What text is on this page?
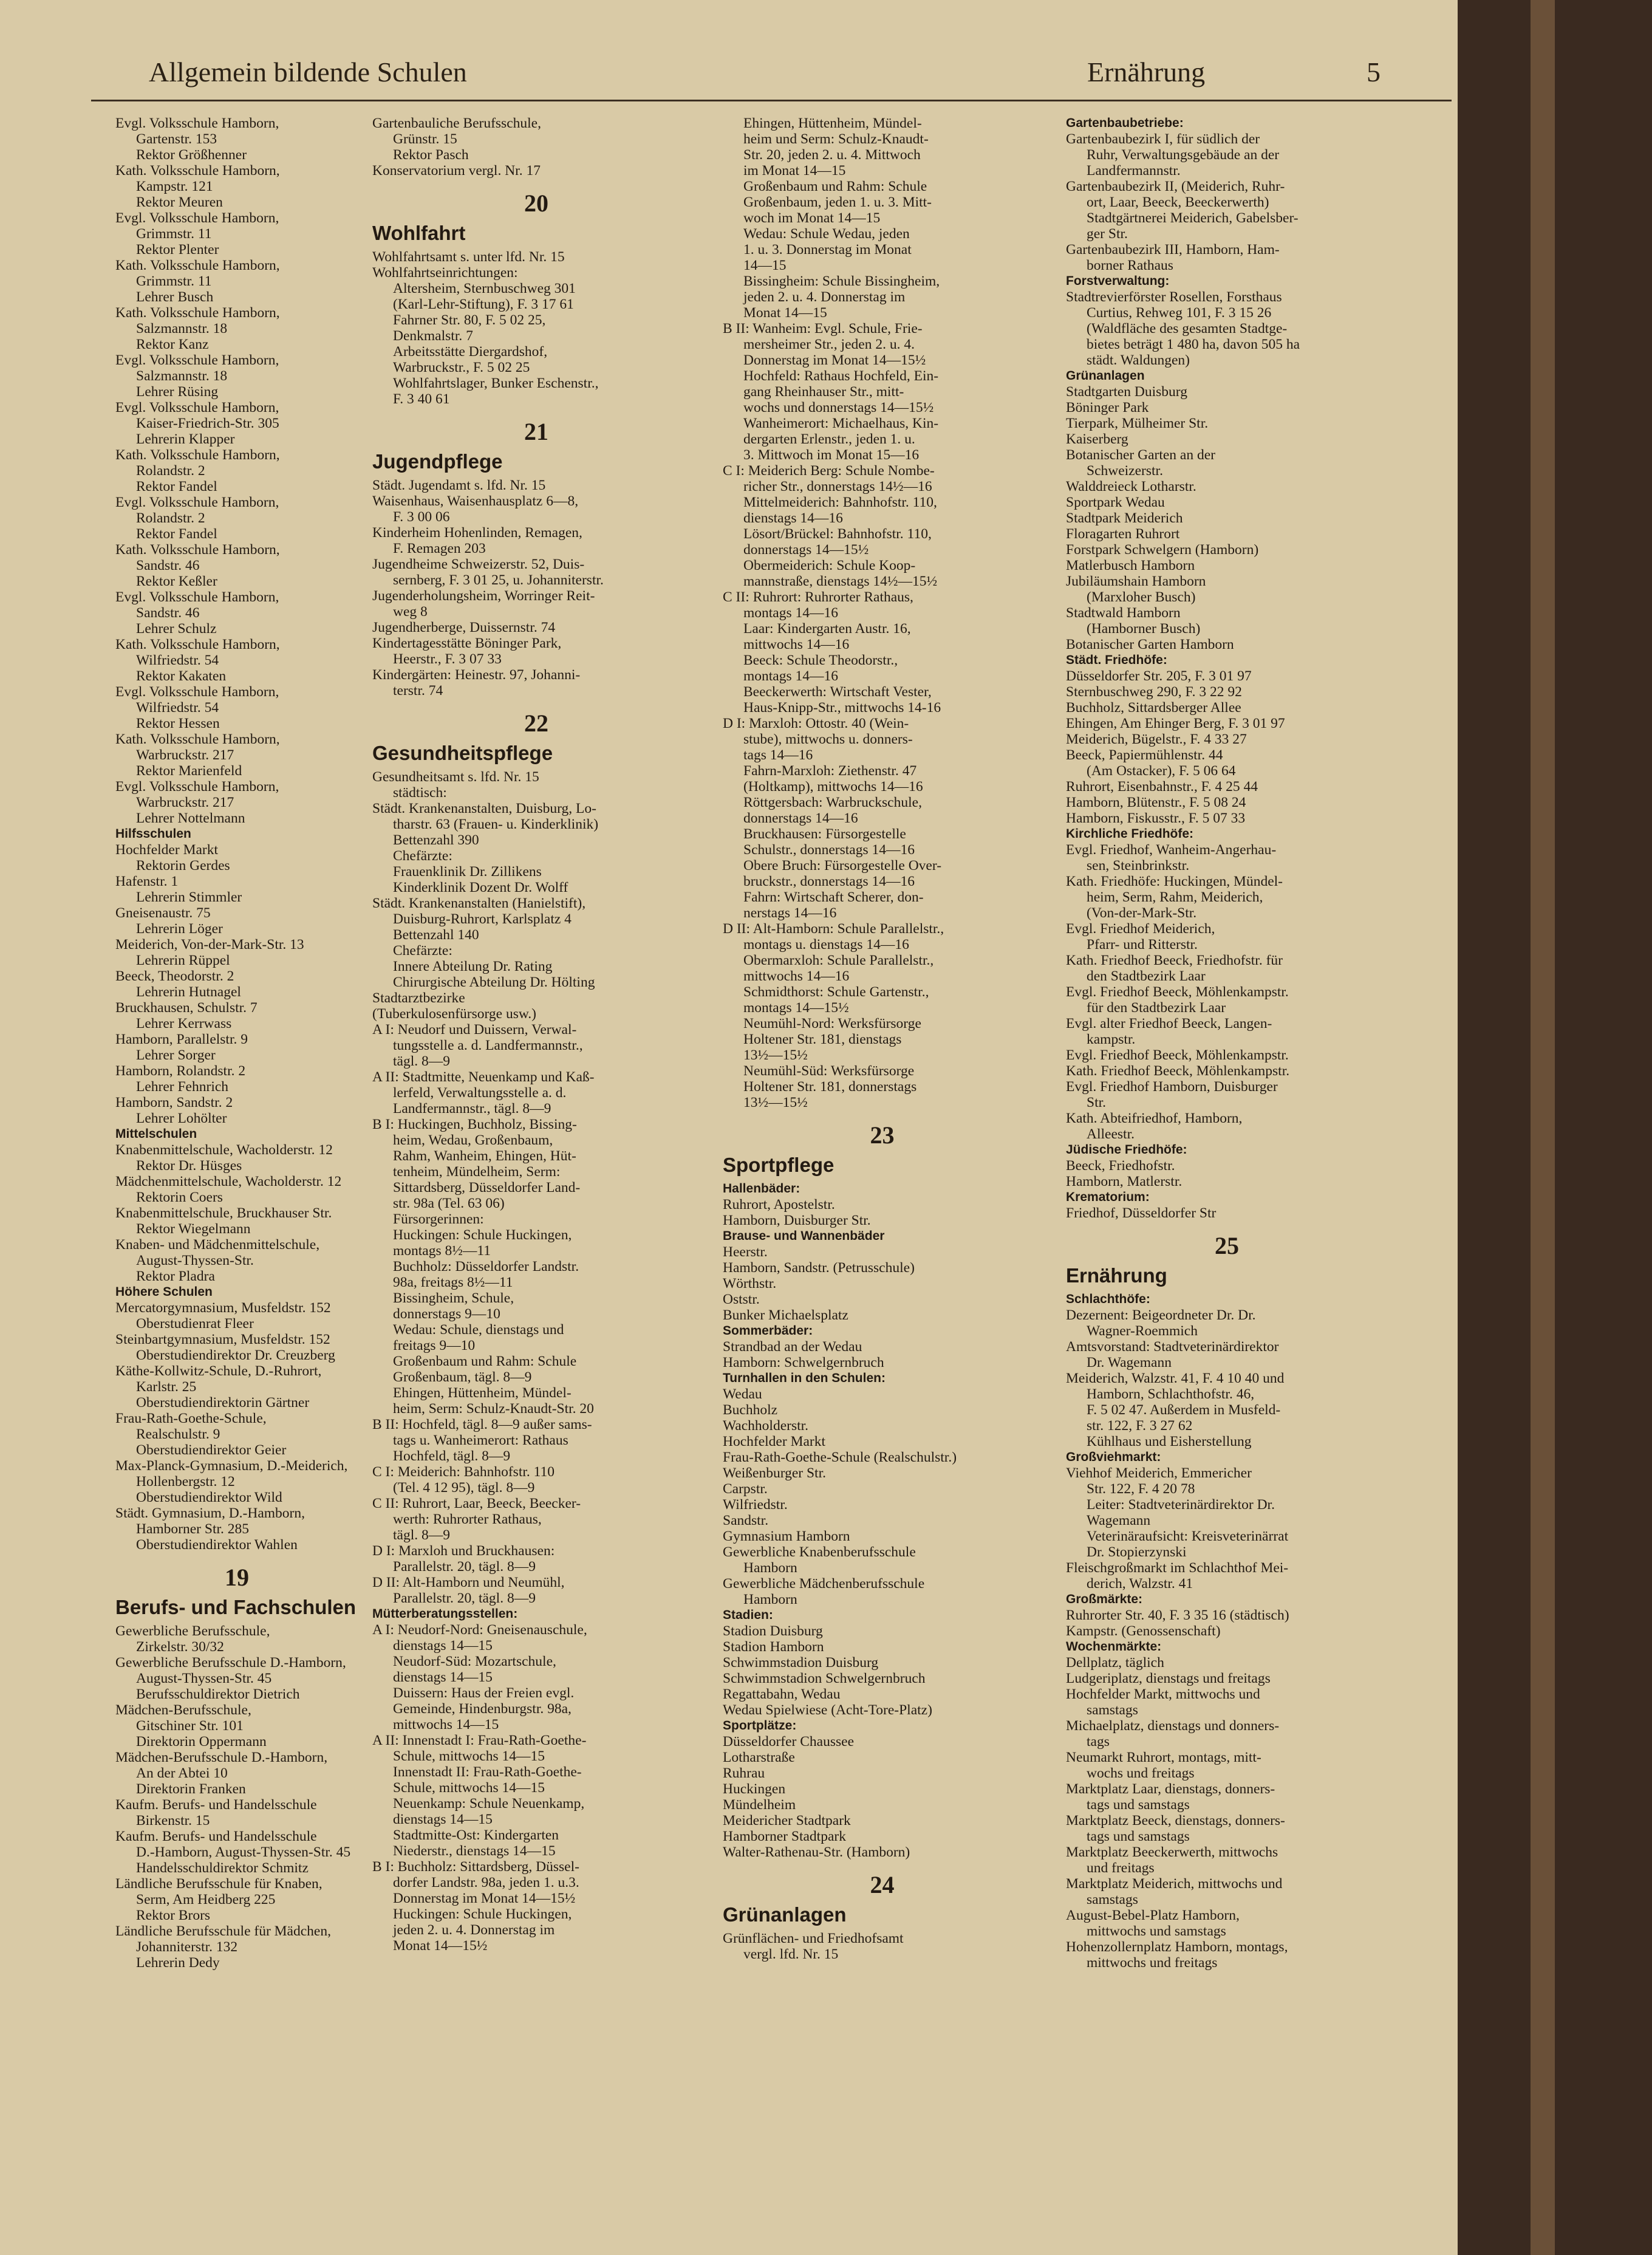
Allgemein bildende Schulen	Ernährung	5
Evgl. Volksschule Hamborn,
Gartenstr. 153
Rektor Größhenner
Kath. Volksschule Hamborn,
Kampstr. 121
Rektor Meuren
Evgl. Volksschule Hamborn,
Grimmstr. 11
Rektor Plenter
Kath. Volksschule Hamborn,
Grimmstr. 11
Lehrer Busch
Kath. Volksschule Hamborn,
Salzmannstr. 18
Rektor Kanz
Evgl. Volksschule Hamborn,
Salzmannstr. 18
Lehrer Rüsing
Evgl. Volksschule Hamborn,
Kaiser-Friedrich-Str. 305
Lehrerin Klapper
Kath. Volksschule Hamborn,
Rolandstr. 2
Rektor Fandel
Evgl. Volksschule Hamborn,
Rolandstr. 2
Rektor Fandel
Kath. Volksschule Hamborn,
Sandstr. 46
Rektor Keßler
Evgl. Volksschule Hamborn,
Sandstr. 46
Lehrer Schulz
Kath. Volksschule Hamborn,
Wilfriedstr. 54
Rektor Kakaten
Evgl. Volksschule Hamborn,
Wilfriedstr. 54
Rektor Hessen
Kath. Volksschule Hamborn,
Warbruckstr. 217
Rektor Marienfeld
Evgl. Volksschule Hamborn,
Warbruckstr. 217
Lehrer Nottelmann
Hilfsschulen
Hochfelder Markt
Rektorin Gerdes
Hafenstr. 1
Lehrerin Stimmler
Gneisenaustr. 75
Lehrerin Löger
Meiderich, Von-der-Mark-Str. 13
Lehrerin Rüppel
Beeck, Theodorstr. 2
Lehrerin Hutnagel
Bruckhausen, Schulstr. 7
Lehrer Kerrwass
Hamborn, Parallelstr. 9
Lehrer Sorger
Hamborn, Rolandstr. 2
Lehrer Fehnrich
Hamborn, Sandstr. 2
Lehrer Lohölter
Mittelschulen
Knabenmittelschule, Wacholderstr. 12
Rektor Dr. Hüsges
Mädchenmittelschule, Wacholderstr. 12
Rektorin Coers
Knabenmittelschule, Bruckhauser Str.
Rektor Wiegelmann
Knaben- und Mädchenmittelschule,
August-Thyssen-Str.
Rektor Pladra
Höhere Schulen
Mercatorgymnasium, Musfeldstr. 152
Oberstudienrat Fleer
Steinbartgymnasium, Musfeldstr. 152
Oberstudiendirektor Dr. Creuzberg
Käthe-Kollwitz-Schule, D.-Ruhrort,
Karlstr. 25
Oberstudiendirektorin Gärtner
Frau-Rath-Goethe-Schule,
Realschulstr. 9
Oberstudiendirektor Geier
Max-Planck-Gymnasium, D.-Meiderich,
Hollenbergstr. 12
Oberstudiendirektor Wild
Städt. Gymnasium, D.-Hamborn,
Hamborner Str. 285
Oberstudiendirektor Wahlen
19
Berufs- und Fachschulen
Gewerbliche Berufsschule,
Zirkelstr. 30/32
Gewerbliche Berufsschule D.-Hamborn,
August-Thyssen-Str. 45
Berufsschuldirektor Dietrich
Mädchen-Berufsschule,
Gitschiner Str. 101
Direktorin Oppermann
Mädchen-Berufsschule D.-Hamborn,
An der Abtei 10
Direktorin Franken
Kaufm. Berufs- und Handelsschule
Birkenstr. 15
Kaufm. Berufs- und Handelsschule
D.-Hamborn, August-Thyssen-Str. 45
Handelsschuldirektor Schmitz
Ländliche Berufsschule für Knaben,
Serm, Am Heidberg 225
Rektor Brors
Ländliche Berufsschule für Mädchen,
Johanniterstr. 132
Lehrerin Dedy
Gartenbauliche Berufsschule,
Grünstr. 15
Rektor Pasch
Konservatorium vergl. Nr. 17
20
Wohlfahrt
Wohlfahrtsamt s. unter lfd. Nr. 15
Wohlfahrtseinrichtungen:
Altersheim, Sternbuschweg 301
(Karl-Lehr-Stiftung), F. 3 17 61
Fahrner Str. 80, F. 5 02 25,
Denkmalstr. 7
Arbeitsstätte Diergardshof,
Warbruckstr., F. 5 02 25
Wohlfahrtslager, Bunker Eschenstr.,
F. 3 40 61
21
Jugendpflege
Städt. Jugendamt s. lfd. Nr. 15
Waisenhaus, Waisenhausplatz 6—8,
F. 3 00 06
Kinderheim Hohenlinden, Remagen,
F. Remagen 203
Jugendheime Schweizerstr. 52, Duis-
sernberg, F. 3 01 25, u. Johanniterstr.
Jugenderholungsheim, Worringer Reit-
weg 8
Jugendherberge, Duissernstr. 74
Kindertagesstätte Böninger Park,
Heerstr., F. 3 07 33
Kindergärten: Heinestr. 97, Johanni-
terstr. 74
22
Gesundheitspflege
Gesundheitsamt s. lfd. Nr. 15
städtisch:
Städt. Krankenanstalten, Duisburg, Lo-
tharstr. 63 (Frauen- u. Kinderklinik)
Bettenzahl 390
Chefärzte:
Frauenklinik Dr. Zillikens
Kinderklinik Dozent Dr. Wolff
Städt. Krankenanstalten (Hanielstift),
Duisburg-Ruhrort, Karlsplatz 4
Bettenzahl 140
Chefärzte:
Innere Abteilung Dr. Rating
Chirurgische Abteilung Dr. Hölting
Stadtarztbezirke
(Tuberkulosenfürsorge usw.)
A I: Neudorf und Duissern, Verwal-
tungsstelle a. d. Landfermannstr.,
tägl. 8—9
A II: Stadtmitte, Neuenkamp und Kaß-
lerfeld, Verwaltungsstelle a. d.
Landfermannstr., tägl. 8—9
B I: Huckingen, Buchholz, Bissing-
heim, Wedau, Großenbaum,
Rahm, Wanheim, Ehingen, Hüt-
tenheim, Mündelheim, Serm:
Sittardsberg, Düsseldorfer Land-
str. 98a (Tel. 63 06)
Fürsorgerinnen:
Huckingen: Schule Huckingen,
montags 8½—11
Buchholz: Düsseldorfer Landstr.
98a, freitags 8½—11
Bissingheim, Schule,
donnerstags 9—10
Wedau: Schule, dienstags und
freitags 9—10
Großenbaum und Rahm: Schule
Großenbaum, tägl. 8—9
Ehingen, Hüttenheim, Mündel-
heim, Serm: Schulz-Knaudt-Str. 20
B II: Hochfeld, tägl. 8—9 außer sams-
tags u. Wanheimerort: Rathaus
Hochfeld, tägl. 8—9
C I: Meiderich: Bahnhofstr. 110
(Tel. 4 12 95), tägl. 8—9
C II: Ruhrort, Laar, Beeck, Beecker-
werth: Ruhrorter Rathaus,
tägl. 8—9
D I: Marxloh und Bruckhausen:
Parallelstr. 20, tägl. 8—9
D II: Alt-Hamborn und Neumühl,
Parallelstr. 20, tägl. 8—9
Mütterberatungsstellen:
A I: Neudorf-Nord: Gneisenauschule,
dienstags 14—15
Neudorf-Süd: Mozartschule,
dienstags 14—15
Duissern: Haus der Freien evgl.
Gemeinde, Hindenburgstr. 98a,
mittwochs 14—15
A II: Innenstadt I: Frau-Rath-Goethe-
Schule, mittwochs 14—15
Innenstadt II: Frau-Rath-Goethe-
Schule, mittwochs 14—15
Neuenkamp: Schule Neuenkamp,
dienstags 14—15
Stadtmitte-Ost: Kindergarten
Niederstr., dienstags 14—15
B I: Buchholz: Sittardsberg, Düssel-
dorfer Landstr. 98a, jeden 1. u.3.
Donnerstag im Monat 14—15½
Huckingen: Schule Huckingen,
jeden 2. u. 4. Donnerstag im
Monat 14—15½
Ehingen, Hüttenheim, Mündel-
heim und Serm: Schulz-Knaudt-
Str. 20, jeden 2. u. 4. Mittwoch
im Monat 14—15
Großenbaum und Rahm: Schule
Großenbaum, jeden 1. u. 3. Mitt-
woch im Monat 14—15
Wedau: Schule Wedau, jeden
1. u. 3. Donnerstag im Monat
14—15
Bissingheim: Schule Bissingheim,
jeden 2. u. 4. Donnerstag im
Monat 14—15
B II: Wanheim: Evgl. Schule, Frie-
mersheimer Str., jeden 2. u. 4.
Donnerstag im Monat 14—15½
Hochfeld: Rathaus Hochfeld, Ein-
gang Rheinhauser Str., mitt-
wochs und donnerstags 14—15½
Wanheimerort: Michaelhaus, Kin-
dergarten Erlenstr., jeden 1. u.
3. Mittwoch im Monat 15—16
C I: Meiderich Berg: Schule Nombe-
richer Str., donnerstags 14½—16
Mittelmeiderich: Bahnhofstr. 110,
dienstags 14—16
Lösort/Brückel: Bahnhofstr. 110,
donnerstags 14—15½
Obermeiderich: Schule Koop-
mannstraße, dienstags 14½—15½
C II: Ruhrort: Ruhrorter Rathaus,
montags 14—16
Laar: Kindergarten Austr. 16,
mittwochs 14—16
Beeck: Schule Theodorstr.,
montags 14—16
Beeckerwerth: Wirtschaft Vester,
Haus-Knipp-Str., mittwochs 14-16
D I: Marxloh: Ottostr. 40 (Wein-
stube), mittwochs u. donners-
tags 14—16
Fahrn-Marxloh: Ziethenstr. 47
(Holtkamp), mittwochs 14—16
Röttgersbach: Warbruckschule,
donnerstags 14—16
Bruckhausen: Fürsorgestelle
Schulstr., donnerstags 14—16
Obere Bruch: Fürsorgestelle Over-
bruckstr., donnerstags 14—16
Fahrn: Wirtschaft Scherer, don-
nerstags 14—16
D II: Alt-Hamborn: Schule Parallelstr.,
montags u. dienstags 14—16
Obermarxloh: Schule Parallelstr.,
mittwochs 14—16
Schmidthorst: Schule Gartenstr.,
montags 14—15½
Neumühl-Nord: Werksfürsorge
Holtener Str. 181, dienstags
13½—15½
Neumühl-Süd: Werksfürsorge
Holtener Str. 181, donnerstags
13½—15½
23
Sportpflege
Hallenbäder:
Ruhrort, Apostelstr.
Hamborn, Duisburger Str.
Brause- und Wannenbäder
Heerstr.
Hamborn, Sandstr. (Petrusschule)
Wörthstr.
Oststr.
Bunker Michaelsplatz
Sommerbäder:
Strandbad an der Wedau
Hamborn: Schwelgernbruch
Turnhallen in den Schulen:
Wedau
Buchholz
Wachholderstr.
Hochfelder Markt
Frau-Rath-Goethe-Schule (Realschulstr.)
Weißenburger Str.
Carpstr.
Wilfriedstr.
Sandstr.
Gymnasium Hamborn
Gewerbliche Knabenberufsschule
Hamborn
Gewerbliche Mädchenberufsschule
Hamborn
Stadien:
Stadion Duisburg
Stadion Hamborn
Schwimmstadion Duisburg
Schwimmstadion Schwelgernbruch
Regattabahn, Wedau
Wedau Spielwiese (Acht-Tore-Platz)
Sportplätze:
Düsseldorfer Chaussee
Lotharstraße
Ruhrau
Huckingen
Mündelheim
Meidericher Stadtpark
Hamborner Stadtpark
Walter-Rathenau-Str. (Hamborn)
24
Grünanlagen
Grünflächen- und Friedhofsamt
vergl. lfd. Nr. 15
Gartenbaubetriebe:
Gartenbaubezirk I, für südlich der
Ruhr, Verwaltungsgebäude an der
Landfermannstr.
Gartenbaubezirk II, (Meiderich, Ruhr-
ort, Laar, Beeck, Beeckerwerth)
Stadtgärtnerei Meiderich, Gabelsber-
ger Str.
Gartenbaubezirk III, Hamborn, Ham-
borner Rathaus
Forstverwaltung:
Stadtrevierförster Rosellen, Forsthaus
Curtius, Rehweg 101, F. 3 15 26
(Waldfläche des gesamten Stadtge-
bietes beträgt 1 480 ha, davon 505 ha
städt. Waldungen)
Grünanlagen
Stadtgarten Duisburg
Böninger Park
Tierpark, Mülheimer Str.
Kaiserberg
Botanischer Garten an der
Schweizerstr.
Walddreieck Lotharstr.
Sportpark Wedau
Stadtpark Meiderich
Floragarten Ruhrort
Forstpark Schwelgern (Hamborn)
Matlerbusch Hamborn
Jubiläumshain Hamborn
(Marxloher Busch)
Stadtwald Hamborn
(Hamborner Busch)
Botanischer Garten Hamborn
Städt. Friedhöfe:
Düsseldorfer Str. 205, F. 3 01 97
Sternbuschweg 290, F. 3 22 92
Buchholz, Sittardsberger Allee
Ehingen, Am Ehinger Berg, F. 3 01 97
Meiderich, Bügelstr., F. 4 33 27
Beeck, Papiermühlenstr. 44
(Am Ostacker), F. 5 06 64
Ruhrort, Eisenbahnstr., F. 4 25 44
Hamborn, Blütenstr., F. 5 08 24
Hamborn, Fiskusstr., F. 5 07 33
Kirchliche Friedhöfe:
Evgl. Friedhof, Wanheim-Angerhau-
sen, Steinbrinkstr.
Kath. Friedhöfe: Huckingen, Mündel-
heim, Serm, Rahm, Meiderich,
(Von-der-Mark-Str.
Evgl. Friedhof Meiderich,
Pfarr- und Ritterstr.
Kath. Friedhof Beeck, Friedhofstr. für
den Stadtbezirk Laar
Evgl. Friedhof Beeck, Möhlenkampstr.
für den Stadtbezirk Laar
Evgl. alter Friedhof Beeck, Langen-
kampstr.
Evgl. Friedhof Beeck, Möhlenkampstr.
Kath. Friedhof Beeck, Möhlenkampstr.
Evgl. Friedhof Hamborn, Duisburger
Str.
Kath. Abteifriedhof, Hamborn,
Alleestr.
Jüdische Friedhöfe:
Beeck, Friedhofstr.
Hamborn, Matlerstr.
Krematorium:
Friedhof, Düsseldorfer Str
25
Ernährung
Schlachthöfe:
Dezernent: Beigeordneter Dr. Dr.
Wagner-Roemmich
Amtsvorstand: Stadtveterinärdirektor
Dr. Wagemann
Meiderich, Walzstr. 41, F. 4 10 40 und
Hamborn, Schlachthofstr. 46,
F. 5 02 47. Außerdem in Musfeld-
str. 122, F. 3 27 62
Kühlhaus und Eisherstellung
Großviehmarkt:
Viehhof Meiderich, Emmericher
Str. 122, F. 4 20 78
Leiter: Stadtveterinärdirektor Dr.
Wagemann
Veterinäraufsicht: Kreisveterinärrat
Dr. Stopierzynski
Fleischgroßmarkt im Schlachthof Mei-
derich, Walzstr. 41
Großmärkte:
Ruhrorter Str. 40, F. 3 35 16 (städtisch)
Kampstr. (Genossenschaft)
Wochenmärkte:
Dellplatz, täglich
Ludgeriplatz, dienstags und freitags
Hochfelder Markt, mittwochs und
samstags
Michaelplatz, dienstags und donners-
tags
Neumarkt Ruhrort, montags, mitt-
wochs und freitags
Marktplatz Laar, dienstags, donners-
tags und samstags
Marktplatz Beeck, dienstags, donners-
tags und samstags
Marktplatz Beeckerwerth, mittwochs
und freitags
Marktplatz Meiderich, mittwochs und
samstags
August-Bebel-Platz Hamborn,
mittwochs und samstags
Hohenzollernplatz Hamborn, montags,
mittwochs und freitags
